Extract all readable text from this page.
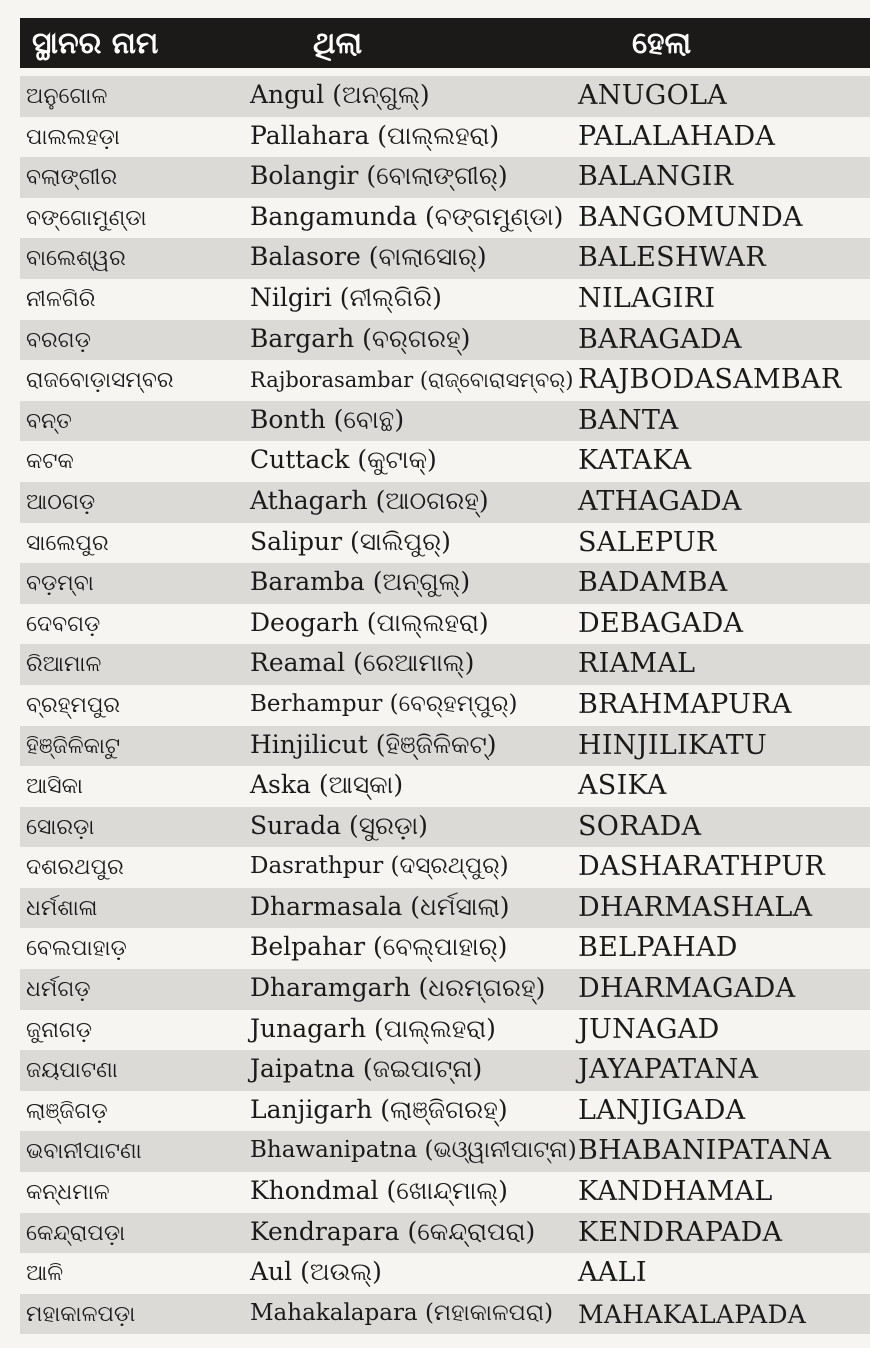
ସ୍ଥାନର ନାମ	ଥିଲା	ହେଲା
ଅନୁଗୋଳ	Angul (ଅନ୍‌ଗୁଲ୍)	ANUGOLA
ପାଲଲହଡ଼ା	Pallahara (ପାଲ୍‌ଲହରା)	PALALAHADA
ବଲାଙ୍ଗୀର	Bolangir (ବୋଲାଙ୍ଗୀର୍)	BALANGIR
ବଙ୍ଗୋମୁଣ୍ଡା	Bangamunda (ବଙ୍ଗମୁଣ୍ଡା) BANGOMUNDA
ବାଲେଶ୍ୱର	Balasore (ବାଲାସୋର୍)	BALESHWAR
ନୀଳଗିରି	Nilgiri (ନୀଲ୍‌ଗିରି)	NILAGIRI
ବରଗଡ଼	Bargarh (ବର୍‌ଗରହ୍)	BARAGADA
ରାଜବୋଡ଼ାସମ୍ବର	Rajborasambar (ରାଜ୍‌ବୋରାସମ୍ବର୍) RAJBODASAMBAR
ବନ୍ତ	Bonth (ବୋନ୍ଥ)	BANTA
କଟକ	Cuttack (କୁଟାକ୍)	KATAKA
ଆଠଗଡ଼	Athagarh (ଆଠଗରହ୍)	ATHAGADA
ସାଲେପୁର	Salipur (ସାଲିପୁର୍)	SALEPUR
ବଡ଼ମ୍ବା	Baramba (ଅନ୍‌ଗୁଲ୍)	BADAMBA
ଦେବଗଡ଼	Deogarh (ପାଲ୍‌ଲହରା)	DEBAGADA
ରିଆମାଳ	Reamal (ରେଆମାଲ୍)	RIAMAL
ବ୍ରହ୍ମପୁର	Berhampur (ବେର୍‌ହମ୍‌ପୁର୍) BRAHMAPURA
ହିଞ୍ଜିଳିକାଟୁ	Hinjilicut (ହିଞ୍ଜିଳିକଟ୍)	HINJILIKATU
ଆସିକା	Aska (ଆସ୍କା)	ASIKA
ସୋରଡ଼ା	Surada (ସୁରଡ଼ା)	SORADA
ଦଶରଥପୁର	Dasrathpur (ଦସ୍‌ରଥ୍‌ପୁର୍)	DASHARATHPUR
ଧର୍ମଶାଳା	Dharmasala (ଧର୍ମସାଲା)	DHARMASHALA
ବେଲପାହାଡ଼	Belpahar (ବେଲ୍‌ପାହାର୍)	BELPAHAD
ଧର୍ମଗଡ଼	Dharamgarh (ଧରମ୍‌ଗରହ୍) DHARMAGADA
ଜୁନାଗଡ଼	Junagarh (ପାଲ୍‌ଲହରା)	JUNAGAD
ଜୟପାଟଣା	Jaipatna (ଜଇପାଟ୍ନା)	JAYAPATANA
ଲାଞ୍ଜିଗଡ଼	Lanjigarh (ଲାଞ୍ଜିଗରହ୍)	LANJIGADA
ଭବାନୀପାଟଣା	Bhawanipatna (ଭଓ୍ୱାନୀପାଟ୍ନା) BHABANIPATANA
କନ୍ଧମାଳ	Khondmal (ଖୋନ୍ଦ୍‌ମାଲ୍)	KANDHAMAL
କେନ୍ଦ୍ରାପଡ଼ା	Kendrapara (କେନ୍ଦ୍ରାପରା) KENDRAPADA
ଆଳି	Aul (ଅଉଲ୍)	AALI
ମହାକାଳପଡ଼ା	Mahakalapara (ମହାକାଳପରା) MAHAKALAPADA
